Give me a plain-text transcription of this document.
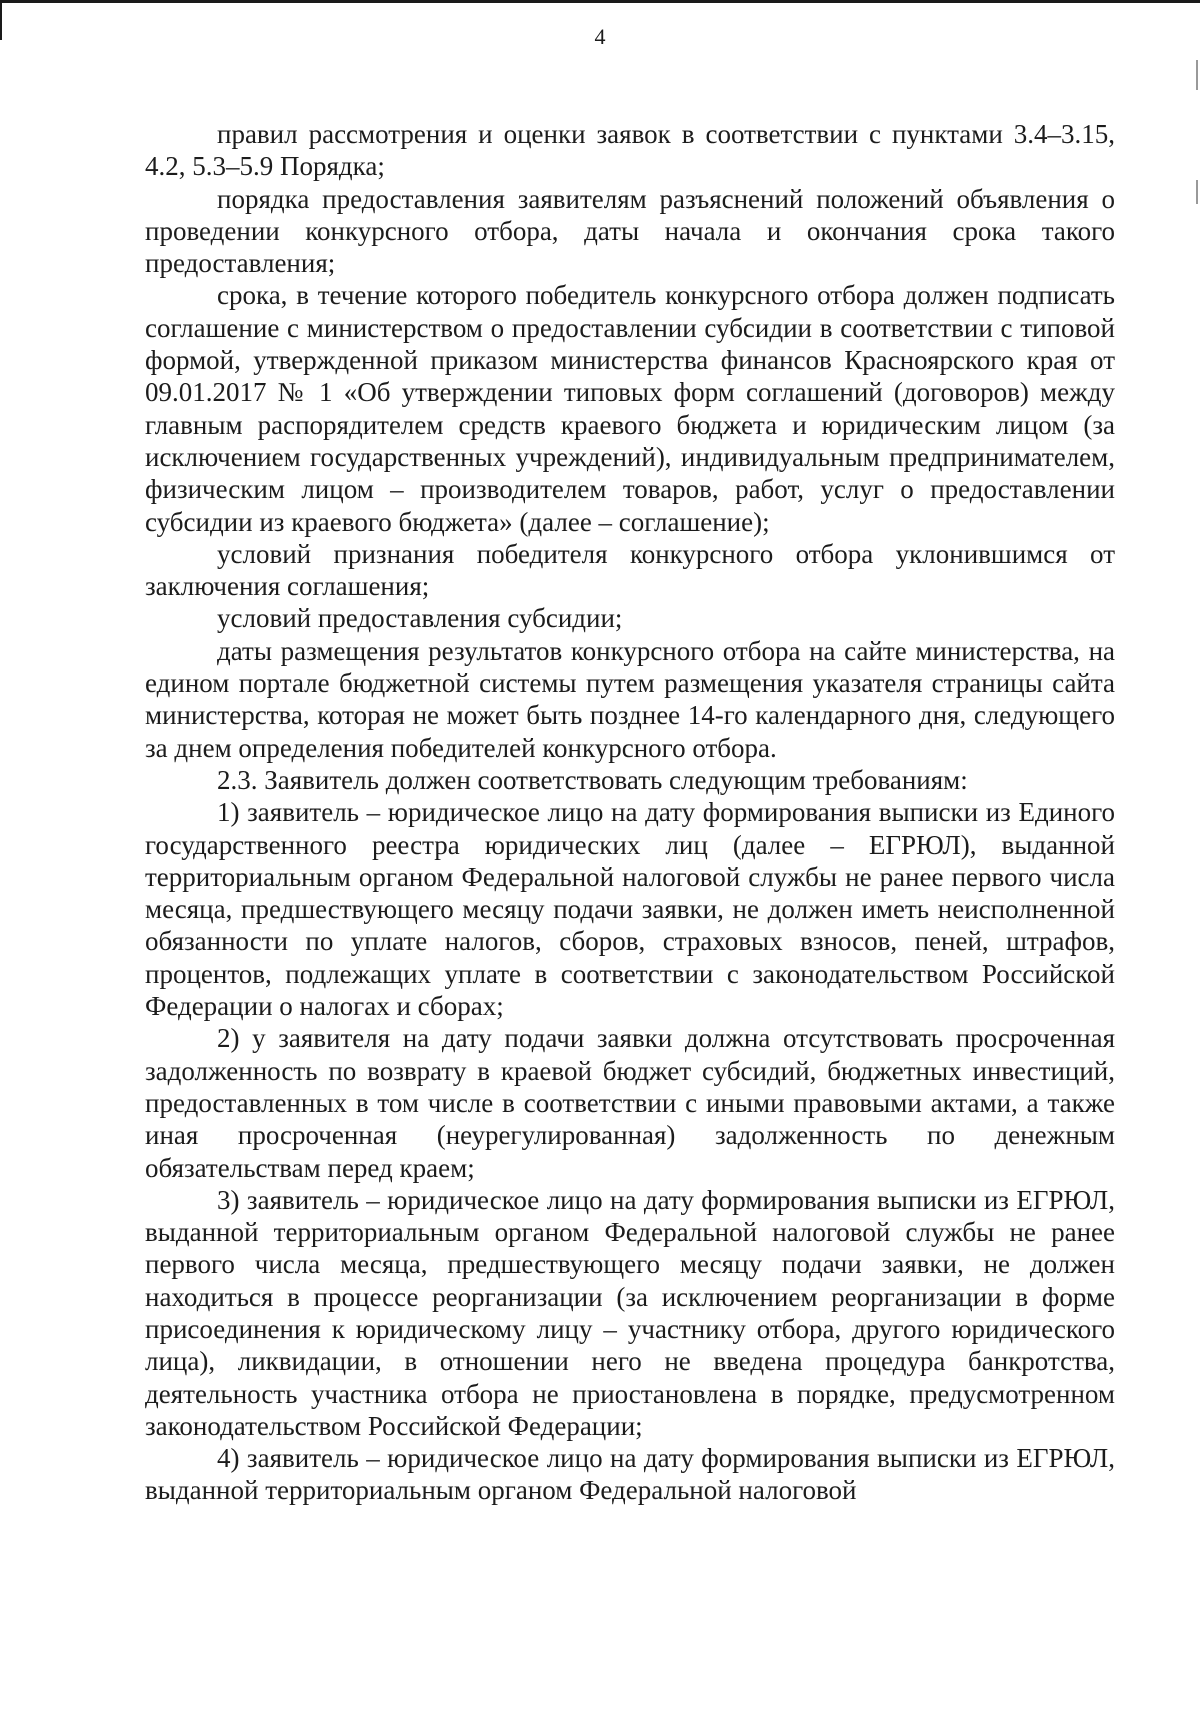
4

правил рассмотрения и оценки заявок в соответствии с пунктами 3.4–3.15, 4.2, 5.3–5.9 Порядка;

порядка предоставления заявителям разъяснений положений объявления о проведении конкурсного отбора, даты начала и окончания срока такого предоставления;

срока, в течение которого победитель конкурсного отбора должен подписать соглашение с министерством о предоставлении субсидии в соответствии с типовой формой, утвержденной приказом министерства финансов Красноярского края от 09.01.2017 № 1 «Об утверждении типовых форм соглашений (договоров) между главным распорядителем средств краевого бюджета и юридическим лицом (за исключением государственных учреждений), индивидуальным предпринимателем, физическим лицом – производителем товаров, работ, услуг о предоставлении субсидии из краевого бюджета» (далее – соглашение);

условий признания победителя конкурсного отбора уклонившимся от заключения соглашения;

условий предоставления субсидии;

даты размещения результатов конкурсного отбора на сайте министерства, на едином портале бюджетной системы путем размещения указателя страницы сайта министерства, которая не может быть позднее 14-го календарного дня, следующего за днем определения победителей конкурсного отбора.

2.3. Заявитель должен соответствовать следующим требованиям:

1) заявитель – юридическое лицо на дату формирования выписки из Единого государственного реестра юридических лиц (далее – ЕГРЮЛ), выданной территориальным органом Федеральной налоговой службы не ранее первого числа месяца, предшествующего месяцу подачи заявки, не должен иметь неисполненной обязанности по уплате налогов, сборов, страховых взносов, пеней, штрафов, процентов, подлежащих уплате в соответствии с законодательством Российской Федерации о налогах и сборах;

2) у заявителя на дату подачи заявки должна отсутствовать просроченная задолженность по возврату в краевой бюджет субсидий, бюджетных инвестиций, предоставленных в том числе в соответствии с иными правовыми актами, а также иная просроченная (неурегулированная) задолженность по денежным обязательствам перед краем;

3) заявитель – юридическое лицо на дату формирования выписки из ЕГРЮЛ, выданной территориальным органом Федеральной налоговой службы не ранее первого числа месяца, предшествующего месяцу подачи заявки, не должен находиться в процессе реорганизации (за исключением реорганизации в форме присоединения к юридическому лицу – участнику отбора, другого юридического лица), ликвидации, в отношении него не введена процедура банкротства, деятельность участника отбора не приостановлена в порядке, предусмотренном законодательством Российской Федерации;

4) заявитель – юридическое лицо на дату формирования выписки из ЕГРЮЛ, выданной территориальным органом Федеральной налоговой
